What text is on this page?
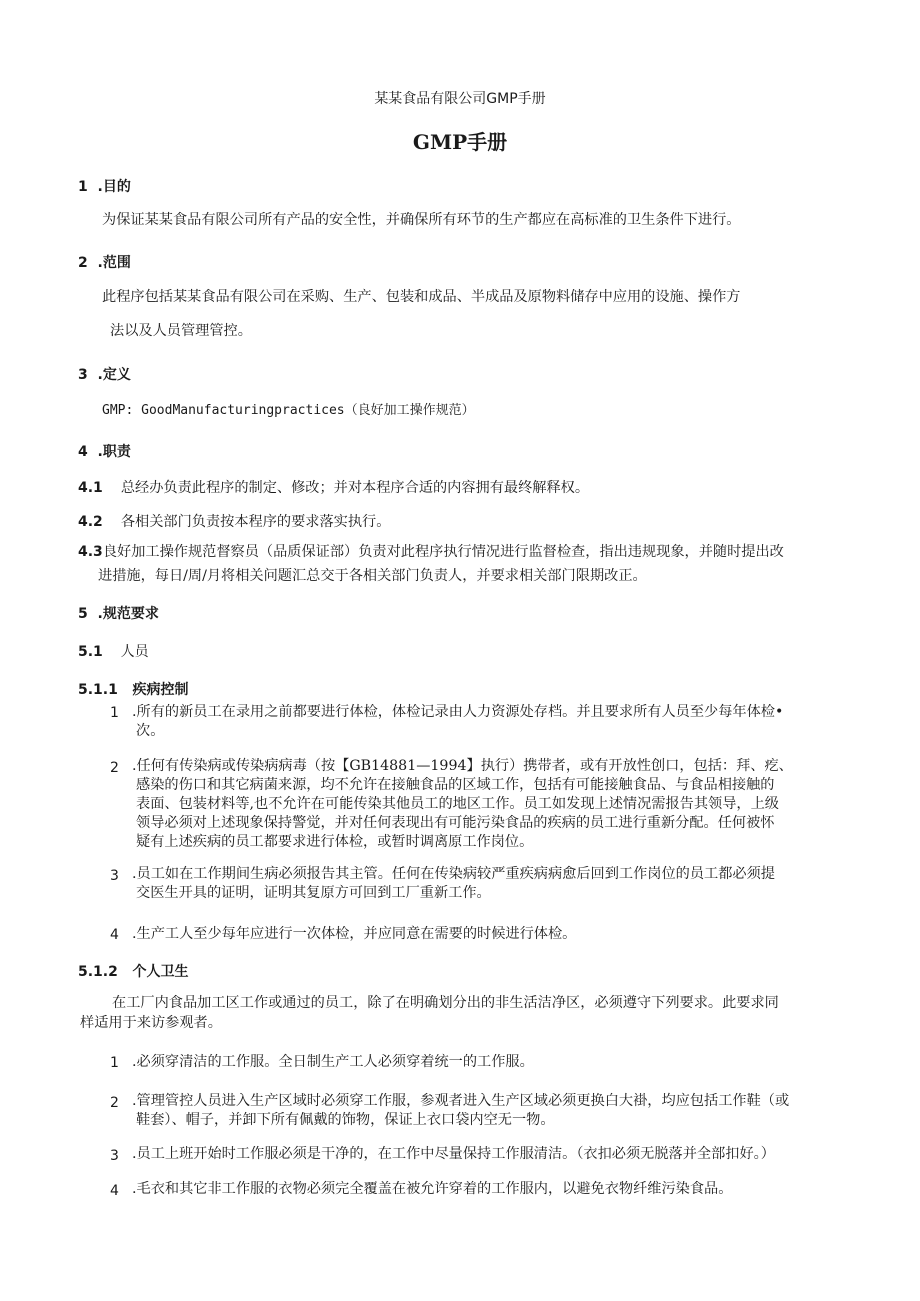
某某食品有限公司GMP手册
GMP手册
1 .目的
为保证某某食品有限公司所有产品的安全性，并确保所有环节的生产都应在高标准的卫生条件下进行。
2 .范围
此程序包括某某食品有限公司在采购、生产、包装和成品、半成品及原物料储存中应用的设施、操作方
法以及人员管理管控。
3 .定义
GMP: GoodManufacturingpractices（良好加工操作规范）
4 .职责
4.1 总经办负责此程序的制定、修改；并对本程序合适的内容拥有最终解释权。
4.2 各相关部门负责按本程序的要求落实执行。
4.3良好加工操作规范督察员（品质保证部）负责对此程序执行情况进行监督检查，指出违规现象，并随时提出改
进措施，每日/周/月将相关问题汇总交于各相关部门负责人，并要求相关部门限期改正。
5 .规范要求
5.1 人员
5.1.1 疾病控制
1 .所有的新员工在录用之前都要进行体检，体检记录由人力资源处存档。并且要求所有人员至少每年体检•
次。
2 .任何有传染病或传染病病毒（按【GB14881—1994】执行）携带者，或有开放性创口，包括：拜、疙、
感染的伤口和其它病菌来源，均不允许在接触食品的区域工作，包括有可能接触食品、与食品相接触的
表面、包装材料等,也不允许在可能传染其他员工的地区工作。员工如发现上述情况需报告其领导，上级
领导必须对上述现象保持警觉，并对任何表现出有可能污染食品的疾病的员工进行重新分配。任何被怀
疑有上述疾病的员工都要求进行体检，或暂时调离原工作岗位。
3 .员工如在工作期间生病必须报告其主管。任何在传染病较严重疾病病愈后回到工作岗位的员工都必须提
交医生开具的证明，证明其复原方可回到工厂重新工作。
4 .生产工人至少每年应进行一次体检，并应同意在需要的时候进行体检。
5.1.2 个人卫生
在工厂内食品加工区工作或通过的员工，除了在明确划分出的非生活洁净区，必须遵守下列要求。此要求同
样适用于来访参观者。
1 .必须穿清洁的工作服。全日制生产工人必须穿着统一的工作服。
2 .管理管控人员进入生产区域时必须穿工作服，参观者进入生产区域必须更换白大褂，均应包括工作鞋（或
鞋套）、帽子，并卸下所有佩戴的饰物，保证上衣口袋内空无一物。
3 .员工上班开始时工作服必须是干净的，在工作中尽量保持工作服清洁。（衣扣必须无脱落并全部扣好。）
4 .毛衣和其它非工作服的衣物必须完全覆盖在被允许穿着的工作服内，以避免衣物纤维污染食品。
